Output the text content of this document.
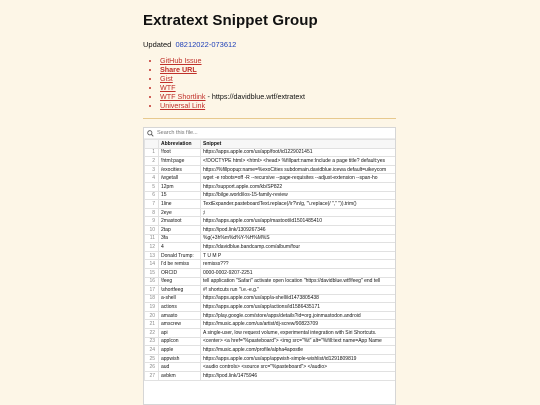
Extratext Snippet Group
Updated 08212022-073612
• GitHub Issue
• Share URL
• Gist
• WTF
• WTF Shortlink - https://davidblue.wtf/extratext
• Universal Link
Search this file...
	Abbreviation	Snippet
1	!foot	https://apps.apple.com/us/app/foot/id1229021451
2	!html:page	<!DOCTYPE html> <html> <head> %fillpart:name:Include a page title? default:yes
3	/exocities	https://%fillpopup:name=%exoCities subdomain.davidblue.icewa default=uikeycom
4	/wgetall	wget -e robots=off -R --recursive --page-requisites --adjust-extension --span-ho
5	12pm	https://support.apple.com/kb/SP822
6	15	https://bilge.world/ios-15-family-review
7	1line	TextExpander.pasteboardText.replace(/\r?\n/g, "\.replace(/ "," ")).trim()
8	2eye	⁒
9	2mastoot	https://apps.apple.com/us/app/mastoot/id1501485410
10	2tap	https://ipod.link/1309267346
11	3fa	%g(+3h%m%d%Y-%H%M%S
12	4	https://davidblue.bandcamp.com/album/four
13	Donald Trump:	T U M P
14	I'd be remiss	remisss???
15	ORCID	0000-0002-9207-2251
16	\feeg	tell application "Safari" activate open location "https://davidblue.wtf/feeg" end tell
17	\shortfeeg	#! shortcuts run "i.e.-e.g."
18	a-shell	https://apps.apple.com/us/app/a-shell/id1473805438
19	actions	https://apps.apple.com/us/app/actions/id1586435171
20	amasto	https://play.google.com/store/apps/details?id=org.joinmastodon.android
21	amscrew	https://music.apple.com/us/artist/dj-screw/90823709
22	api	A single-user, low request volume, experimental integration with Siri Shortcuts.
23	applcon	<center> <a href="%pasteboard"> <img src="%t" alt="%fill:text name=App Name
24	apple	https://music.apple.com/profile/alpha4apostle
25	appwish	https://apps.apple.com/us/app/appwish-simple-wishlist/id1291809819
26	aud	<audio controls> <source src="%pasteboard"> </audio>
27	avbkm	https://ipod.link/1475946
